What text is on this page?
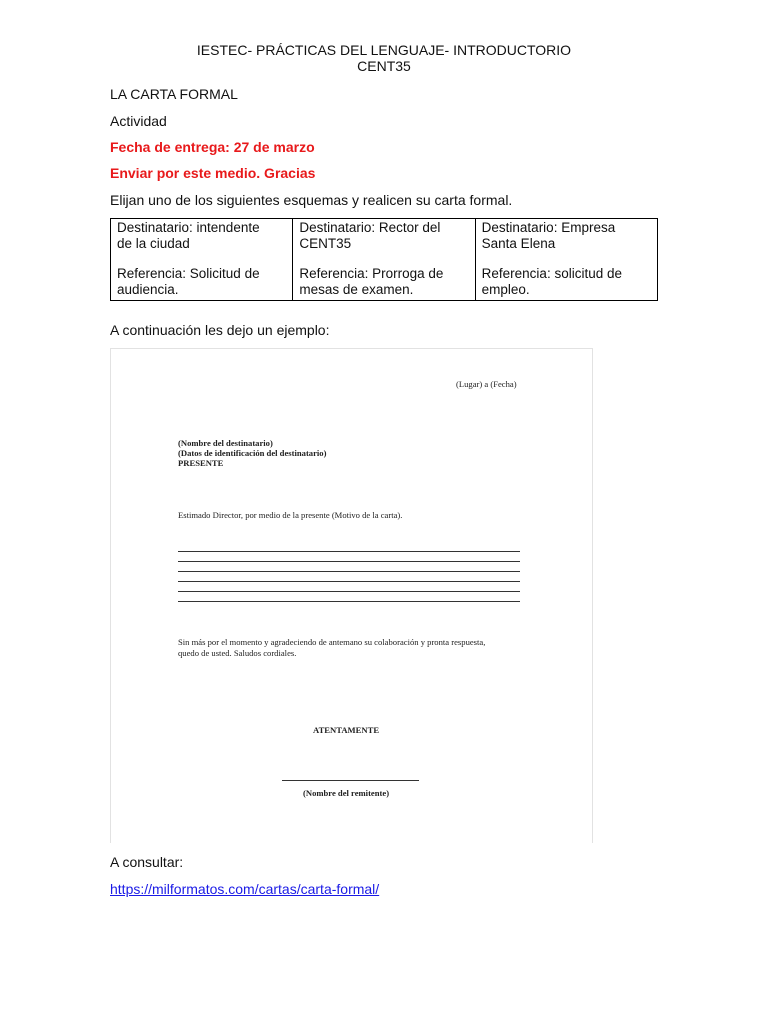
IESTEC- PRÁCTICAS DEL LENGUAJE- INTRODUCTORIO
CENT35
LA CARTA FORMAL
Actividad
Fecha de entrega: 27 de marzo
Enviar por este medio. Gracias
Elijan uno de los siguientes esquemas y realicen su carta formal.
Destinatario: intendente
de la ciudad
Referencia: Solicitud de
audiencia.

Destinatario: Rector del
CENT35
Referencia: Prorroga de
mesas de examen.

Destinatario: Empresa
Santa Elena
Referencia: solicitud de
empleo.
A continuación les dejo un ejemplo:
(Lugar) a (Fecha)
(Nombre del destinatario)
(Datos de identificación del destinatario)
PRESENTE
Estimado Director, por medio de la presente (Motivo de la carta).
Sin más por el momento y agradeciendo de antemano su colaboración y pronta respuesta,
quedo de usted. Saludos cordiales.
ATENTAMENTE
(Nombre del remitente)
A consultar:
https://milformatos.com/cartas/carta-formal/
